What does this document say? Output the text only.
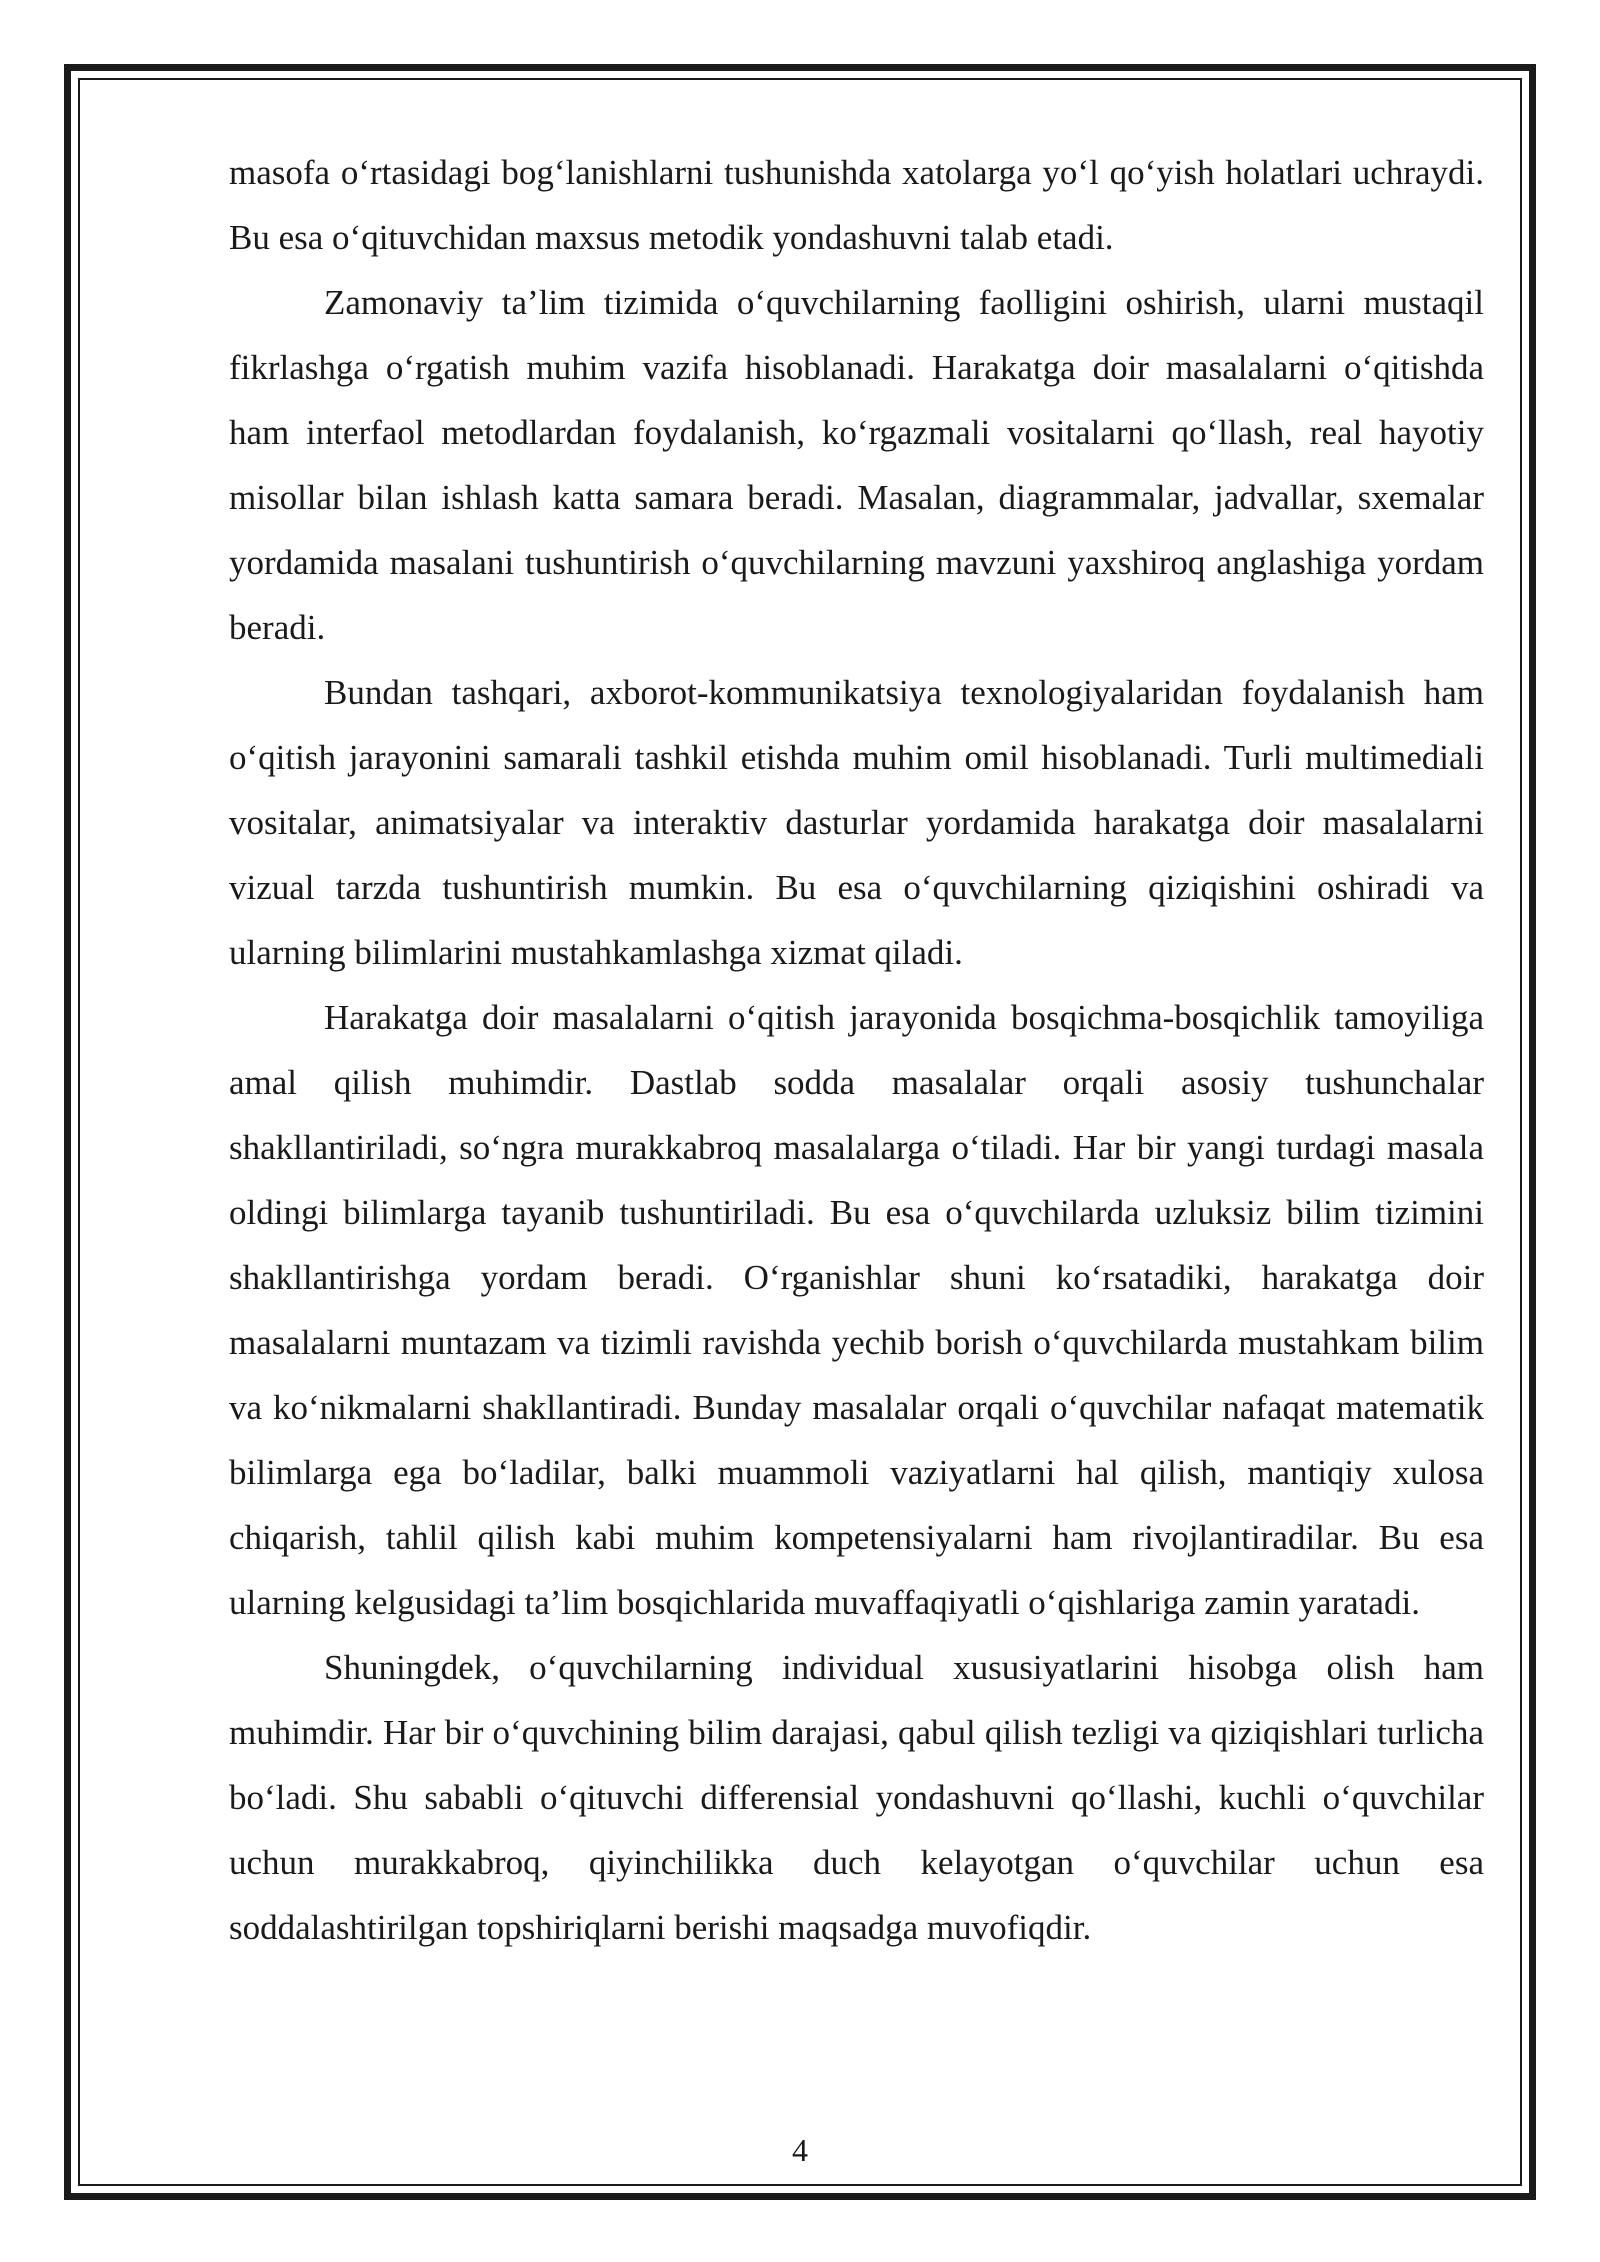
masofa o‘rtasidagi bog‘lanishlarni tushunishda xatolarga yo‘l qo‘yish holatlari uchraydi. Bu esa o‘qituvchidan maxsus metodik yondashuvni talab etadi.

Zamonaviy ta’lim tizimida o‘quvchilarning faolligini oshirish, ularni mustaqil fikrlashga o‘rgatish muhim vazifa hisoblanadi. Harakatga doir masalalarni o‘qitishda ham interfaol metodlardan foydalanish, ko‘rgazmali vositalarni qo‘llash, real hayotiy misollar bilan ishlash katta samara beradi. Masalan, diagrammalar, jadvallar, sxemalar yordamida masalani tushuntirish o‘quvchilarning mavzuni yaxshiroq anglashiga yordam beradi.

Bundan tashqari, axborot-kommunikatsiya texnologiyalaridan foydalanish ham o‘qitish jarayonini samarali tashkil etishda muhim omil hisoblanadi. Turli multimediali vositalar, animatsiyalar va interaktiv dasturlar yordamida harakatga doir masalalarni vizual tarzda tushuntirish mumkin. Bu esa o‘quvchilarning qiziqishini oshiradi va ularning bilimlarini mustahkamlashga xizmat qiladi.

Harakatga doir masalalarni o‘qitish jarayonida bosqichma-bosqichlik tamoyiliga amal qilish muhimdir. Dastlab sodda masalalar orqali asosiy tushunchalar shakllantiriladi, so‘ngra murakkabroq masalalarga o‘tiladi. Har bir yangi turdagi masala oldingi bilimlarga tayanib tushuntiriladi. Bu esa o‘quvchilarda uzluksiz bilim tizimini shakllantirishga yordam beradi. O‘rganishlar shuni ko‘rsatadiki, harakatga doir masalalarni muntazam va tizimli ravishda yechib borish o‘quvchilarda mustahkam bilim va ko‘nikmalarni shakllantiradi. Bunday masalalar orqali o‘quvchilar nafaqat matematik bilimlarga ega bo‘ladilar, balki muammoli vaziyatlarni hal qilish, mantiqiy xulosa chiqarish, tahlil qilish kabi muhim kompetensiyalarni ham rivojlantiradilar. Bu esa ularning kelgusidagi ta’lim bosqichlarida muvaffaqiyatli o‘qishlariga zamin yaratadi.

Shuningdek, o‘quvchilarning individual xususiyatlarini hisobga olish ham muhimdir. Har bir o‘quvchining bilim darajasi, qabul qilish tezligi va qiziqishlari turlicha bo‘ladi. Shu sababli o‘qituvchi differensial yondashuvni qo‘llashi, kuchli o‘quvchilar uchun murakkabroq, qiyinchilikka duch kelayotgan o‘quvchilar uchun esa soddalashtirilgan topshiriqlarni berishi maqsadga muvofiqdir.

4
